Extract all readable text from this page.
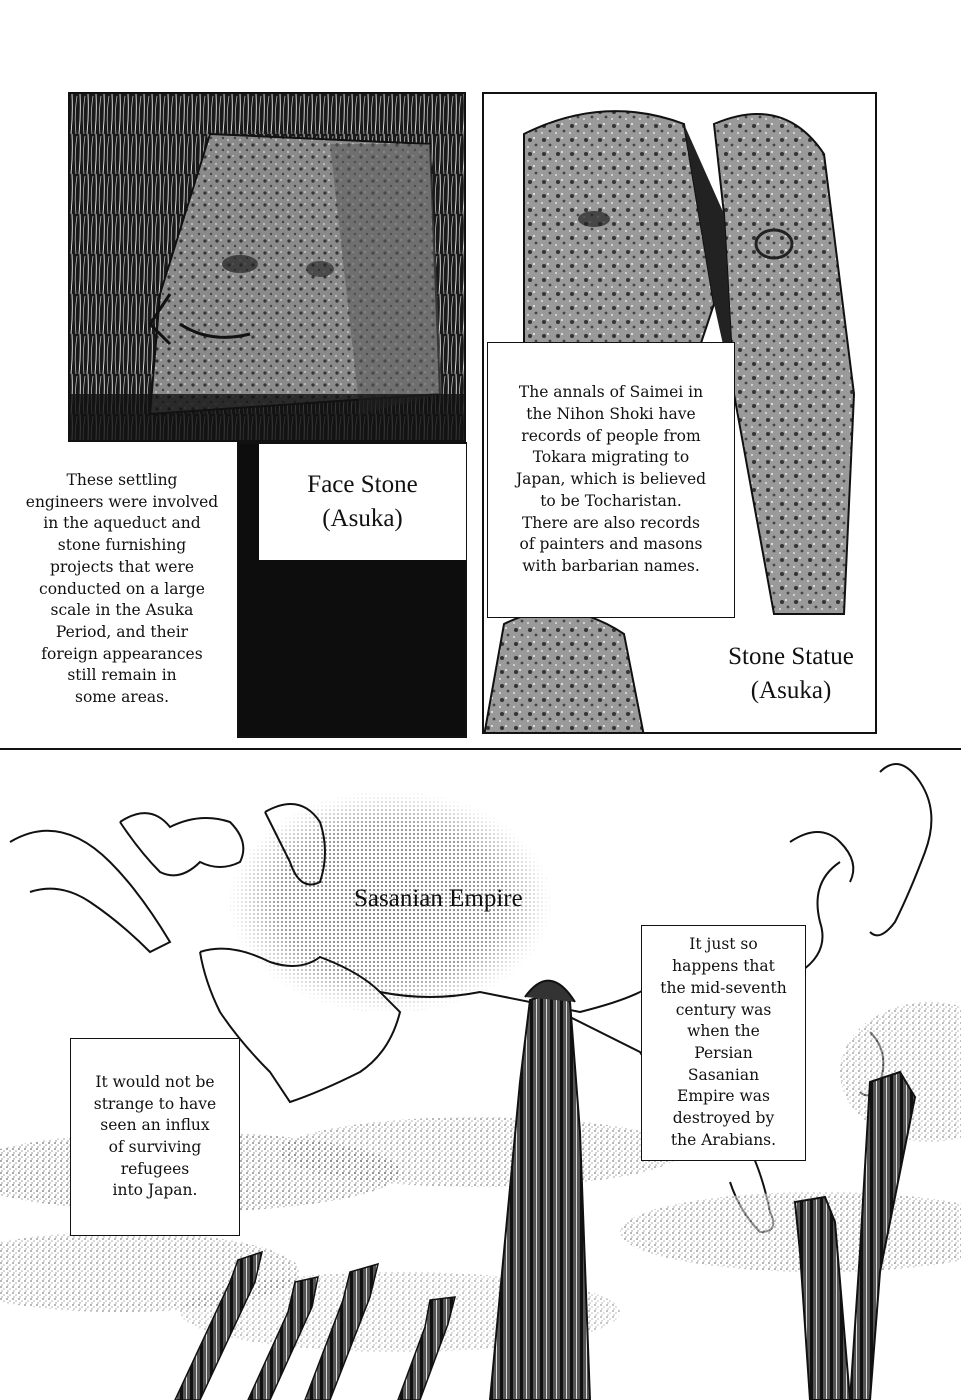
Face Stone
(Asuka)
These settling
engineers were involved
in the aqueduct and
stone furnishing
projects that were
conducted on a large
scale in the Asuka
Period, and their
foreign appearances
still remain in
some areas.
The annals of Saimei in
the Nihon Shoki have
records of people from
Tokara migrating to
Japan, which is believed
to be Tocharistan.
There are also records
of painters and masons
with barbarian names.
Stone Statue
(Asuka)
Sasanian Empire
It would not be
strange to have
seen an influx
of surviving
refugees
into Japan.
It just so
happens that
the mid-seventh
century was
when the
Persian
Sasanian
Empire was
destroyed by
the Arabians.
